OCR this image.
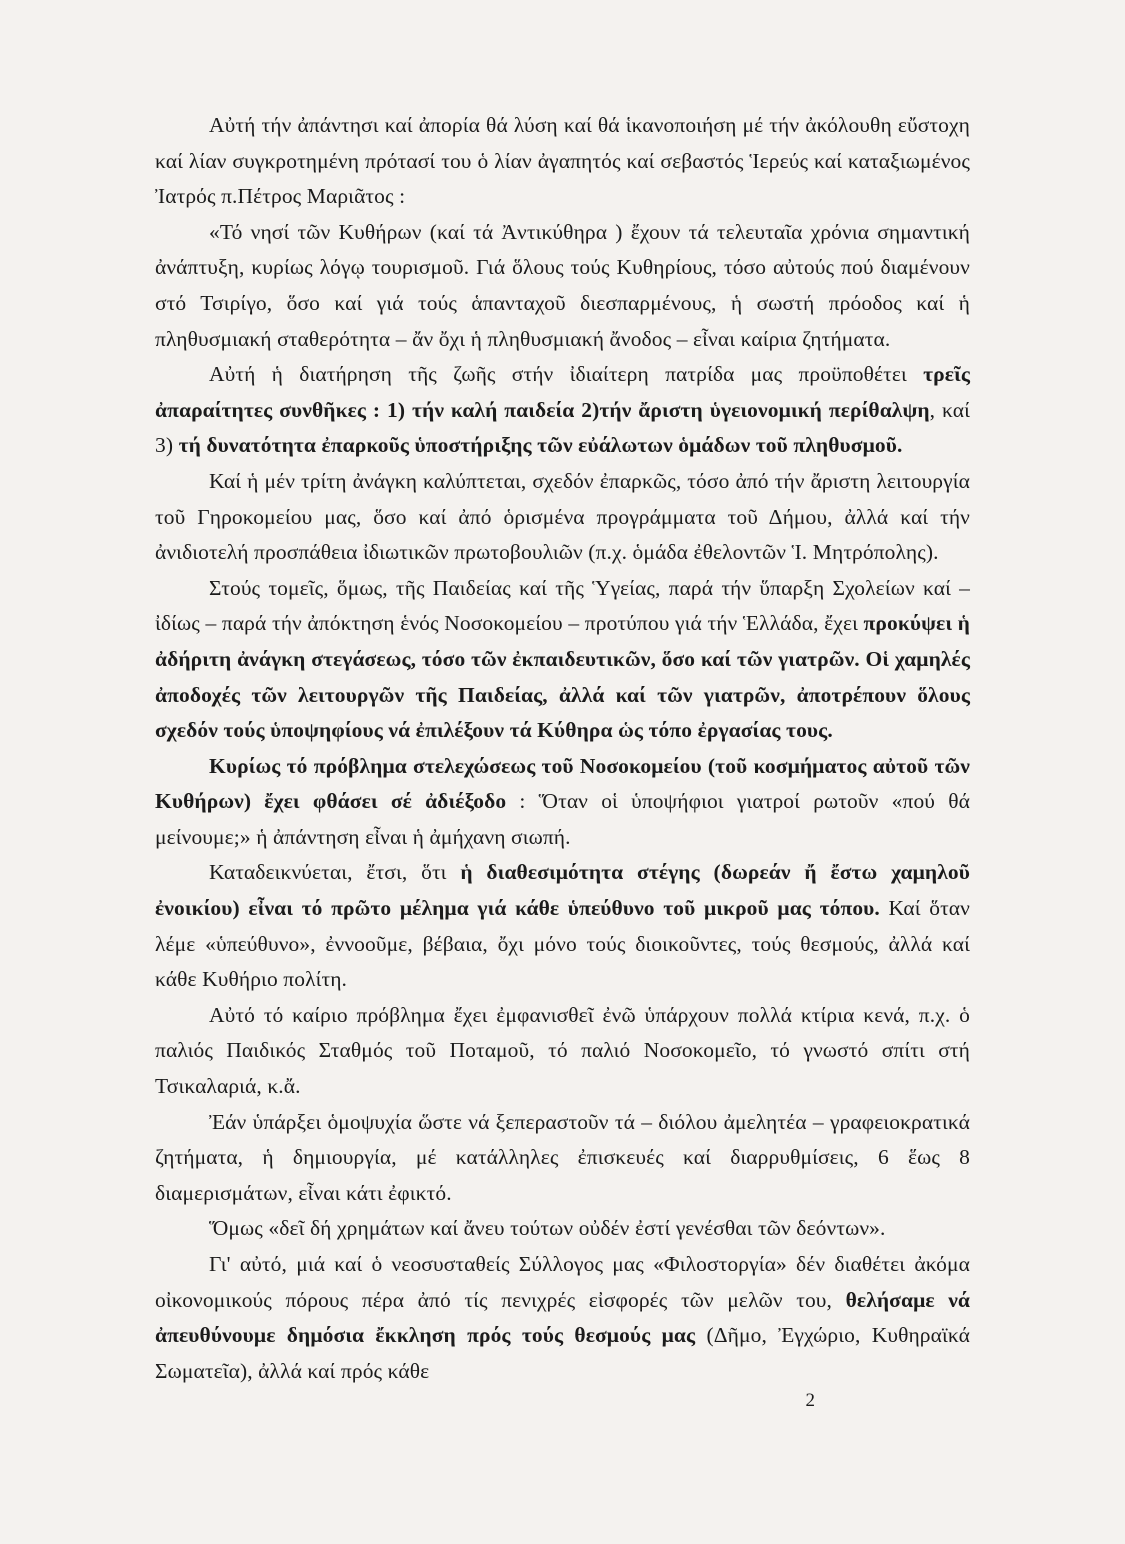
Αὐτή τήν ἀπάντησι καί ἀπορία θά λύση καί θά ἱκανοποιήση μέ τήν ἀκόλουθη εὔστοχη καί λίαν συγκροτημένη πρότασί του ὁ λίαν ἀγαπητός καί σεβαστός Ἱερεύς καί καταξιωμένος Ἰατρός π.Πέτρος Μαριᾶτος :

«Τό νησί τῶν Κυθήρων (καί τά Ἀντικύθηρα ) ἔχουν τά τελευταῖα χρόνια σημαντική ἀνάπτυξη, κυρίως λόγῳ τουρισμοῦ. Γιά ὅλους τούς Κυθηρίους, τόσο αὐτούς πού διαμένουν στό Τσιρίγο, ὅσο καί γιά τούς ἁπανταχοῦ διεσπαρμένους, ἡ σωστή πρόοδος καί ἡ πληθυσμιακή σταθερότητα – ἄν ὄχι ἡ πληθυσμιακή ἄνοδος – εἶναι καίρια ζητήματα.

Αὐτή ἡ διατήρηση τῆς ζωῆς στήν ἰδιαίτερη πατρίδα μας προϋποθέτει τρεῖς ἀπαραίτητες συνθῆκες : 1) τήν καλή παιδεία 2)τήν ἄριστη ὑγειονομική περίθαλψη, καί 3) τή δυνατότητα ἐπαρκοῦς ὑποστήριξης τῶν εὐάλωτων ὁμάδων τοῦ πληθυσμοῦ.

Καί ἡ μέν τρίτη ἀνάγκη καλύπτεται, σχεδόν ἐπαρκῶς, τόσο ἀπό τήν ἄριστη λειτουργία τοῦ Γηροκομείου μας, ὅσο καί ἀπό ὁρισμένα προγράμματα τοῦ Δήμου, ἀλλά καί τήν ἀνιδιοτελή προσπάθεια ἰδιωτικῶν πρωτοβουλιῶν (π.χ. ὁμάδα ἐθελοντῶν Ἱ. Μητρόπολης).

Στούς τομεῖς, ὅμως, τῆς Παιδείας καί τῆς Ὑγείας, παρά τήν ὕπαρξη Σχολείων καί – ἰδίως – παρά τήν ἀπόκτηση ἑνός Νοσοκομείου – προτύπου γιά τήν Ἑλλάδα, ἔχει προκύψει ἡ ἀδήριτη ἀνάγκη στεγάσεως, τόσο τῶν ἐκπαιδευτικῶν, ὅσο καί τῶν γιατρῶν. Οἱ χαμηλές ἀποδοχές τῶν λειτουργῶν τῆς Παιδείας, ἀλλά καί τῶν γιατρῶν, ἀποτρέπουν ὅλους σχεδόν τούς ὑποψηφίους νά ἐπιλέξουν τά Κύθηρα ὡς τόπο ἐργασίας τους.

Κυρίως τό πρόβλημα στελεχώσεως τοῦ Νοσοκομείου (τοῦ κοσμήματος αὐτοῦ τῶν Κυθήρων) ἔχει φθάσει σέ ἀδιέξοδο : Ὅταν οἱ ὑποψήφιοι γιατροί ρωτοῦν «πού θά μείνουμε;» ἡ ἀπάντηση εἶναι ἡ ἀμήχανη σιωπή.

Καταδεικνύεται, ἔτσι, ὅτι ἡ διαθεσιμότητα στέγης (δωρεάν ἤ ἔστω χαμηλοῦ ἐνοικίου) εἶναι τό πρῶτο μέλημα γιά κάθε ὑπεύθυνο τοῦ μικροῦ μας τόπου. Καί ὅταν λέμε «ὑπεύθυνο», ἐννοοῦμε, βέβαια, ὄχι μόνο τούς διοικοῦντες, τούς θεσμούς, ἀλλά καί κάθε Κυθήριο πολίτη.

Αὐτό τό καίριο πρόβλημα ἔχει ἐμφανισθεῖ ἐνῶ ὑπάρχουν πολλά κτίρια κενά, π.χ. ὁ παλιός Παιδικός Σταθμός τοῦ Ποταμοῦ, τό παλιό Νοσοκομεῖο, τό γνωστό σπίτι στή Τσικαλαριά, κ.ἄ.

Ἐάν ὑπάρξει ὁμοψυχία ὥστε νά ξεπεραστοῦν τά – διόλου ἀμελητέα – γραφειοκρατικά ζητήματα, ἡ δημιουργία, μέ κατάλληλες ἐπισκευές καί διαρρυθμίσεις, 6 ἕως 8 διαμερισμάτων, εἶναι κάτι ἐφικτό.

Ὅμως «δεῖ δή χρημάτων καί ἄνευ τούτων οὐδέν ἐστί γενέσθαι τῶν δεόντων».

Γι' αὐτό, μιά καί ὁ νεοσυσταθείς Σύλλογος μας «Φιλοστοργία» δέν διαθέτει ἀκόμα οἰκονομικούς πόρους πέρα ἀπό τίς πενιχρές εἰσφορές τῶν μελῶν του, θελήσαμε νά ἀπευθύνουμε δημόσια ἔκκληση πρός τούς θεσμούς μας (Δῆμο, Ἐγχώριο, Κυθηραϊκά Σωματεῖα), ἀλλά καί πρός κάθε

2
